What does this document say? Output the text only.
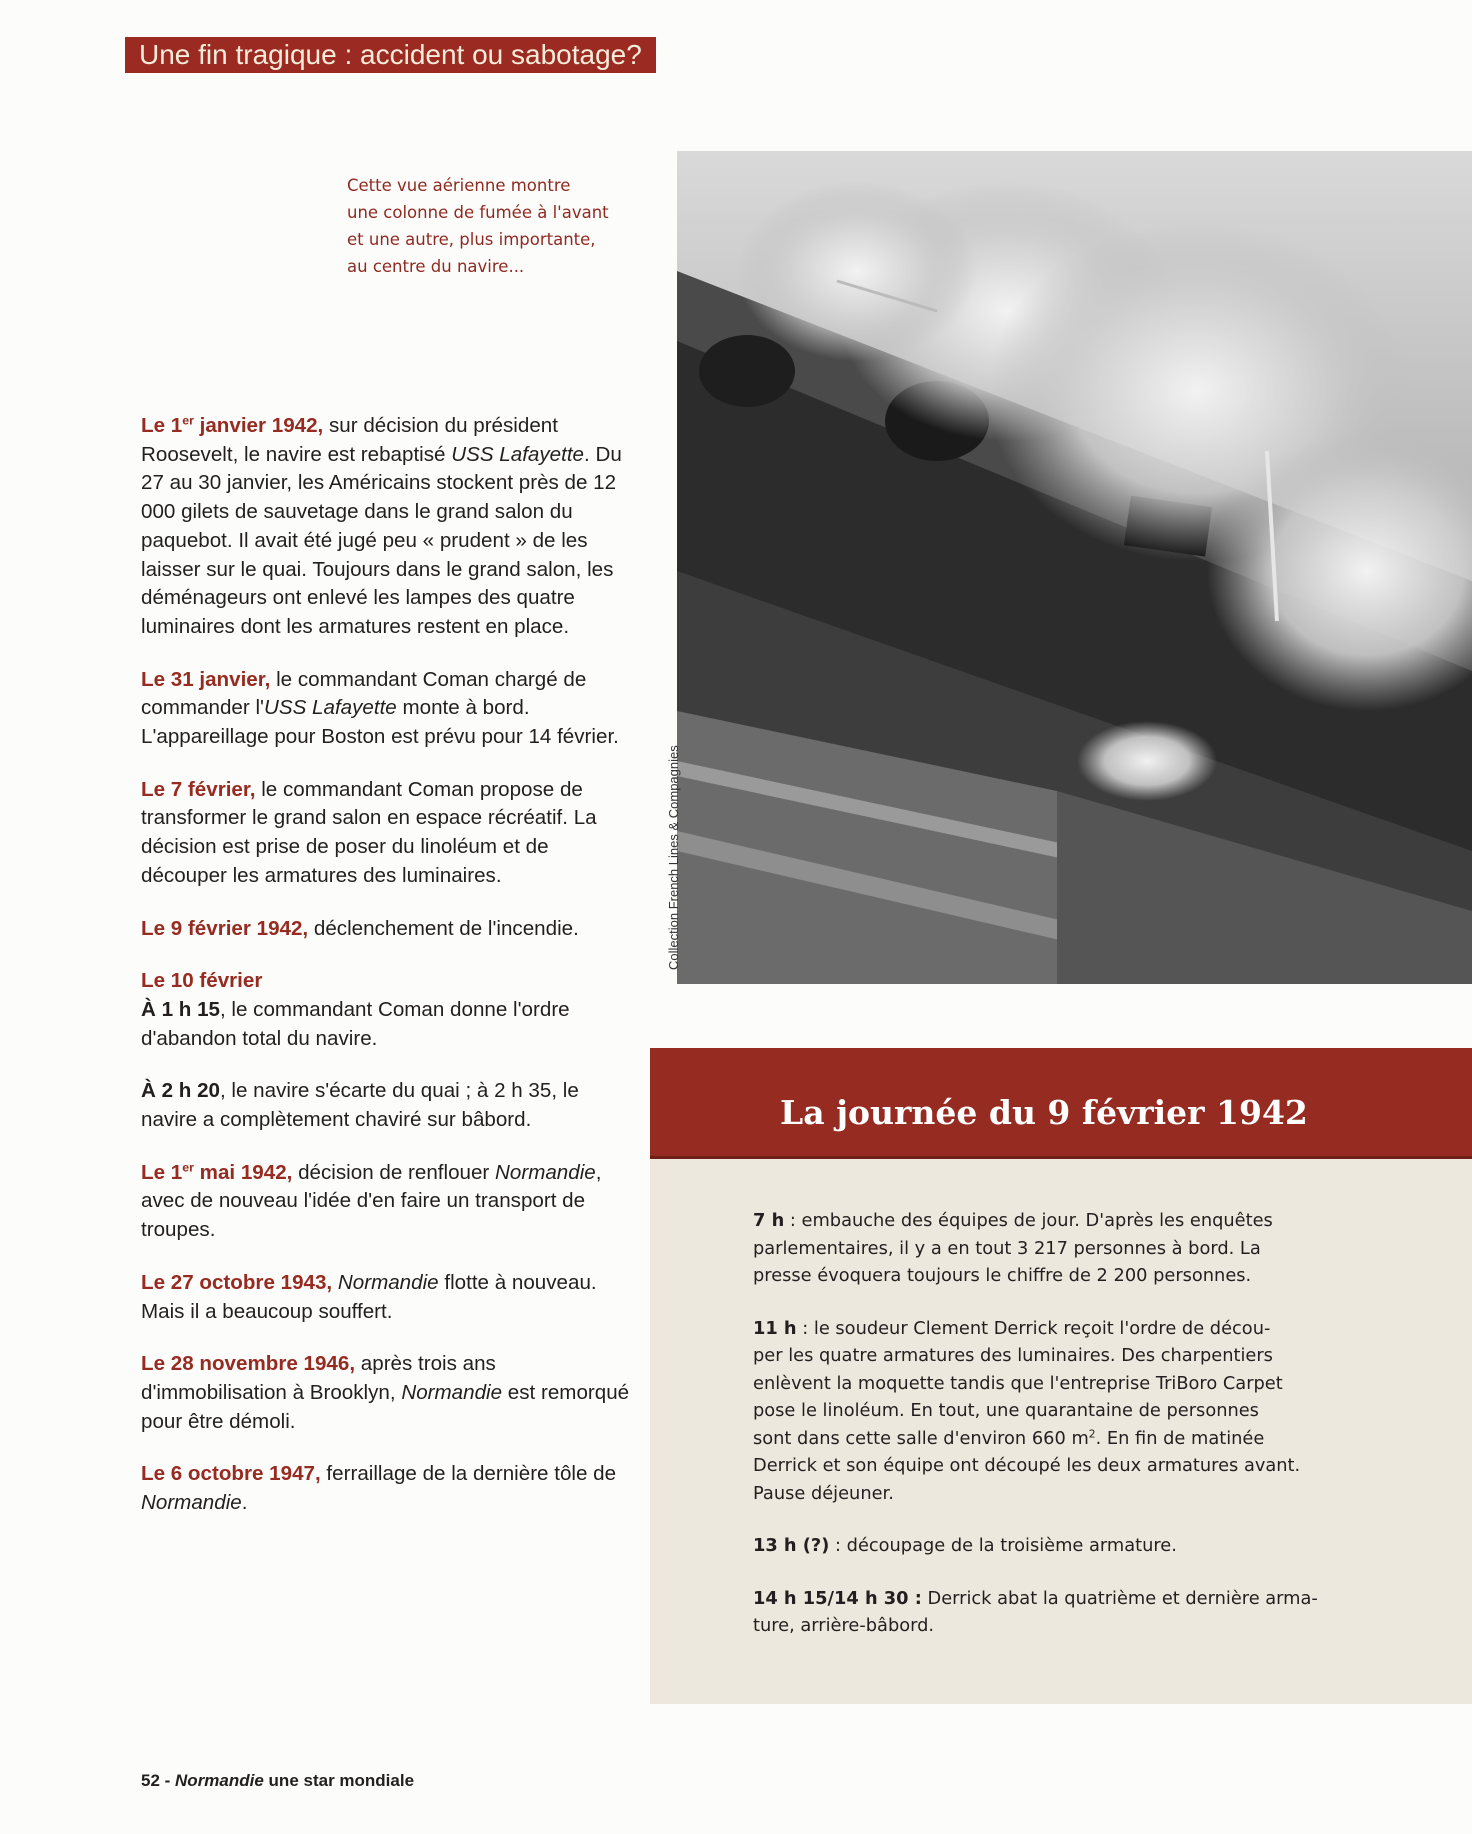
Une fin tragique : accident ou sabotage?
Cette vue aérienne montre
une colonne de fumée à l'avant
et une autre, plus importante,
au centre du navire...
Collection French Lines & Compagnies

Le 1er janvier 1942, sur décision du président Roosevelt, le navire est rebaptisé USS Lafayette. Du 27 au 30 janvier, les Américains stockent près de 12 000 gilets de sauvetage dans le grand salon du paquebot. Il avait été jugé peu « prudent » de les laisser sur le quai. Toujours dans le grand salon, les déménageurs ont enlevé les lampes des quatre luminaires dont les armatures restent en place.

Le 31 janvier, le commandant Coman chargé de commander l'USS Lafayette monte à bord. L'appareillage pour Boston est prévu pour 14 février.

Le 7 février, le commandant Coman propose de transformer le grand salon en espace récréatif. La décision est prise de poser du linoléum et de découper les armatures des luminaires.

Le 9 février 1942, déclenchement de l'incendie.

Le 10 février

À 1 h 15, le commandant Coman donne l'ordre d'abandon total du navire.

À 2 h 20, le navire s'écarte du quai ; à 2 h 35, le navire a complètement chaviré sur bâbord.

Le 1er mai 1942, décision de renflouer Normandie, avec de nouveau l'idée d'en faire un transport de troupes.

Le 27 octobre 1943, Normandie flotte à nouveau. Mais il a beaucoup souffert.

Le 28 novembre 1946, après trois ans d'immobilisation à Brooklyn, Normandie est remorqué pour être démoli.

Le 6 octobre 1947, ferraillage de la dernière tôle de Normandie.

La journée du 9 février 1942
7 h : embauche des équipes de jour. D'après les enquêtes
parlementaires, il y a en tout 3 217 personnes à bord. La
presse évoquera toujours le chiffre de 2 200 personnes.
11 h : le soudeur Clement Derrick reçoit l'ordre de décou-
per les quatre armatures des luminaires. Des charpentiers
enlèvent la moquette tandis que l'entreprise TriBoro Carpet
pose le linoléum. En tout, une quarantaine de personnes
sont dans cette salle d'environ 660 $m^2$. En fin de matinée
Derrick et son équipe ont découpé les deux armatures avant.
Pause déjeuner.
13 h (?) : découpage de la troisième armature.
14 h 15/14 h 30 : Derrick abat la quatrième et dernière arma-
ture, arrière-bâbord.
52 - Normandie une star mondiale
